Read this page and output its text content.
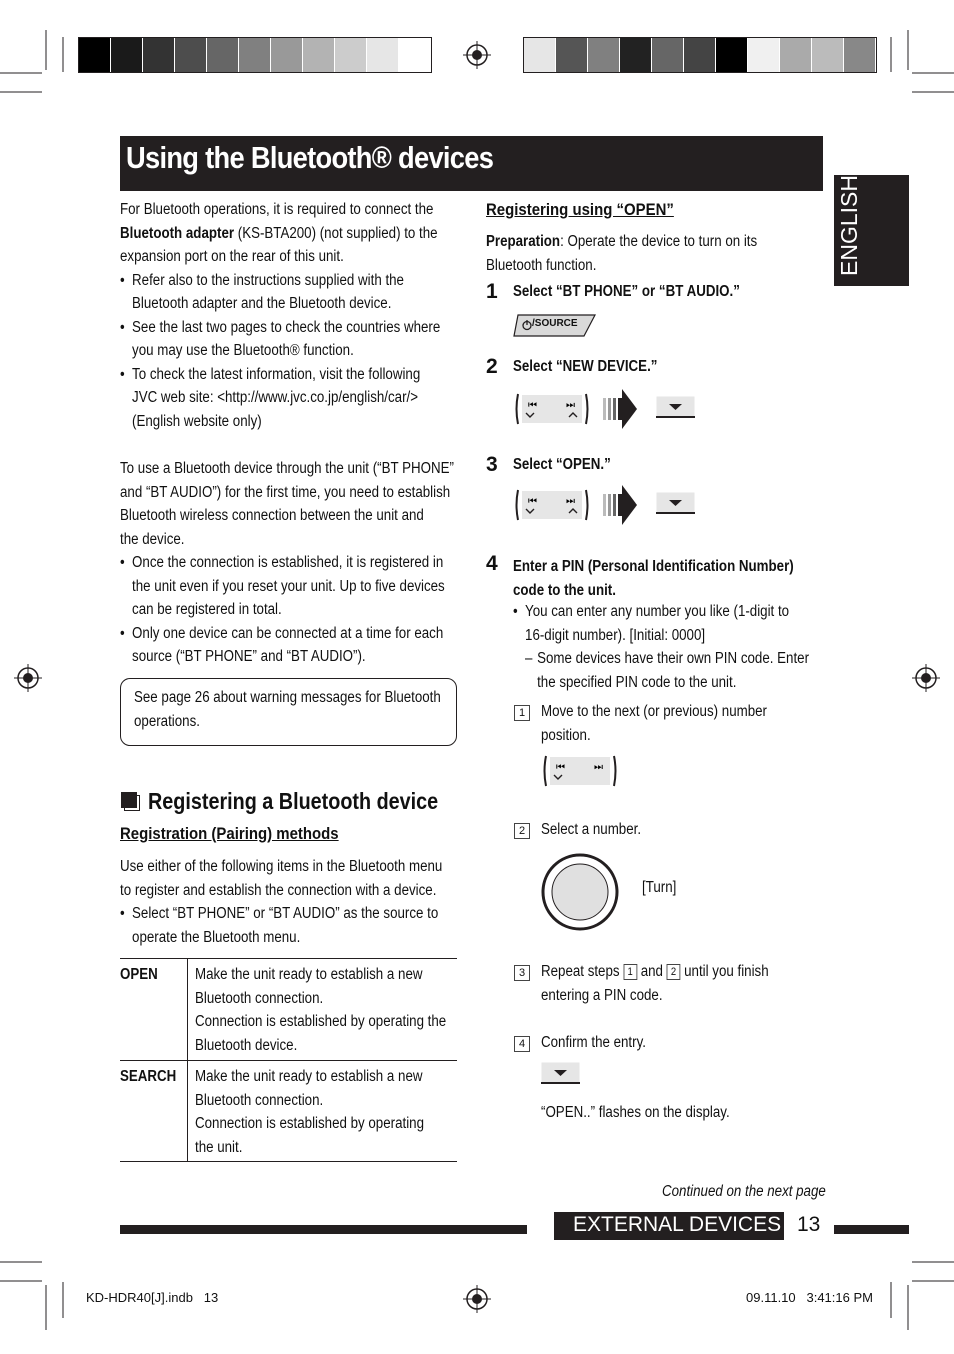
Using the Bluetooth® devices
ENGLISH
For Bluetooth operations, it is required to connect the
Bluetooth adapter (KS-BTA200) (not supplied) to the
expansion port on the rear of this unit.
• Refer also to the instructions supplied with the
Bluetooth adapter and the Bluetooth device.
• See the last two pages to check the countries where
you may use the Bluetooth® function.
• To check the latest information, visit the following
JVC web site: <http://www.jvc.co.jp/english/car/>
(English website only)
To use a Bluetooth device through the unit (“BT PHONE”
and “BT AUDIO”) for the first time, you need to establish
Bluetooth wireless connection between the unit and
the device.
• Once the connection is established, it is registered in
the unit even if you reset your unit. Up to five devices
can be registered in total.
• Only one device can be connected at a time for each
source (“BT PHONE” and “BT AUDIO”).
See page 26 about warning messages for Bluetooth
operations.
Registering a Bluetooth device
Registration (Pairing) methods
Use either of the following items in the Bluetooth menu
to register and establish the connection with a device.
• Select “BT PHONE” or “BT AUDIO” as the source to
operate the Bluetooth menu.
OPEN Make the unit ready to establish a new
Bluetooth connection.
Connection is established by operating the
Bluetooth device.
SEARCH Make the unit ready to establish a new
Bluetooth connection.
Connection is established by operating
the unit.
Registering using “OPEN”
Preparation: Operate the device to turn on its
Bluetooth function.
1 Select “BT PHONE” or “BT AUDIO.”
/SOURCE
2 Select “NEW DEVICE.”
⏮	⏭
3 Select “OPEN.”
⏮	⏭
4 Enter a PIN (Personal Identification Number)
code to the unit.
• You can enter any number you like (1-digit to
16-digit number). [Initial: 0000]
– Some devices have their own PIN code. Enter
the specified PIN code to the unit.
1	Move to the next (or previous) number
position.
⏮	⏭
2	Select a number.
[Turn]
3	Repeat steps 1 and 2 until you finish
entering a PIN code.
4	Confirm the entry.
“OPEN..” flashes on the display.
Continued on the next page
EXTERNAL DEVICES 13
KD-HDR40[J].indb   13	09.11.10   3:41:16 PM
